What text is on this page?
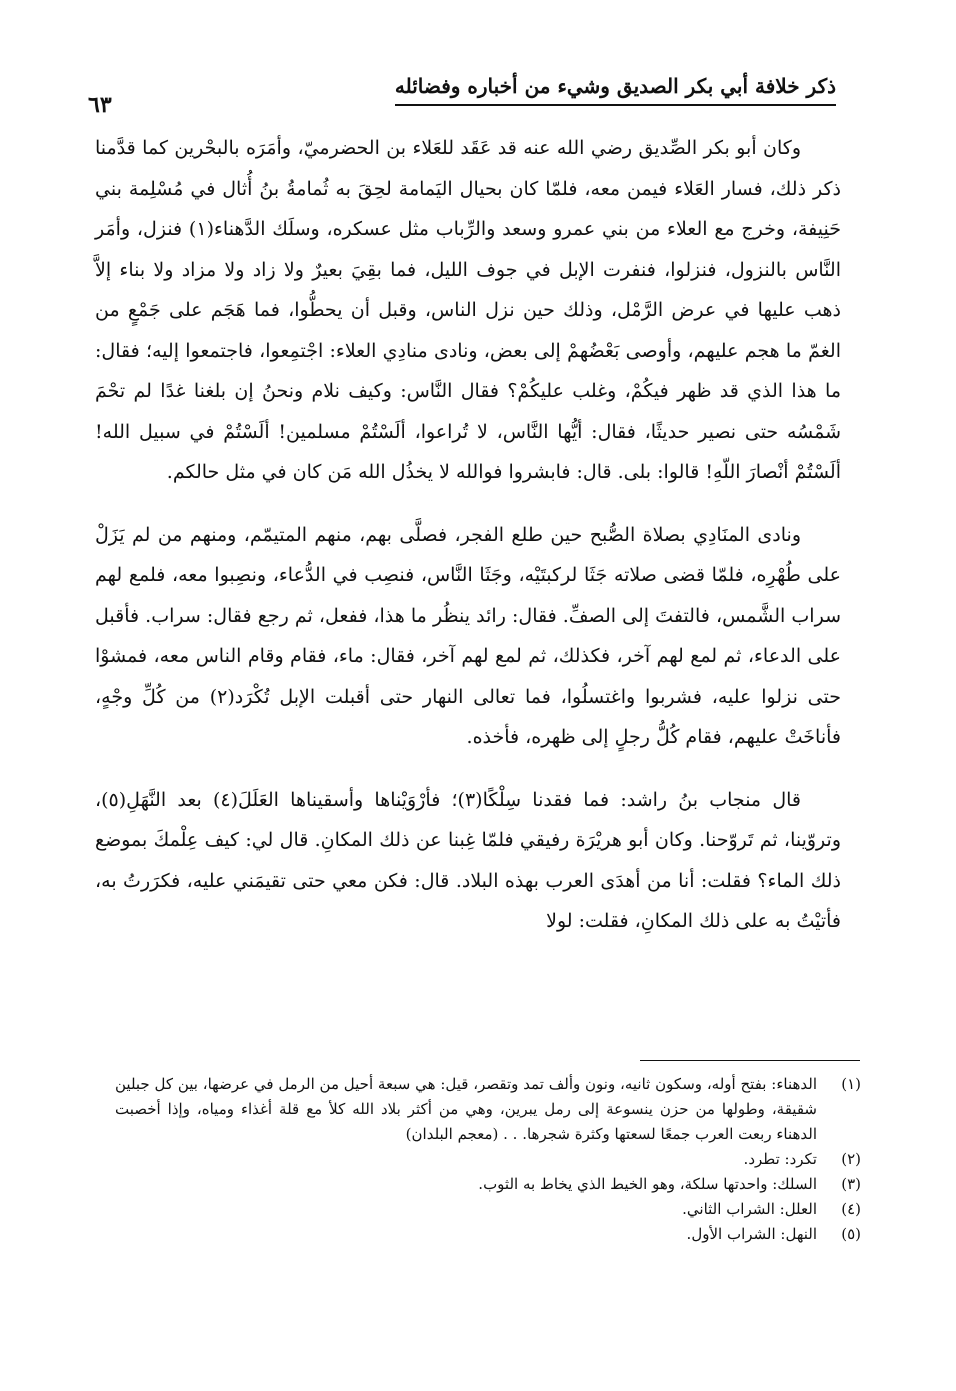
ذكر خلافة أبي بكر الصديق وشيء من أخباره وفضائله
٦٣

وكان أبو بكر الصِّديق رضي الله عنه قد عَقَد للعَلاء بن الحضرميّ، وأمَرَه بالبحْرين كما قدَّمنا ذكر ذلك، فسار العَلاء فيمن معه، فلمّا كان بحيال اليَمامة لحِقَ به ثُمامةُ بنُ أُثال في مُسْلِمة بني حَنِيفة، وخرج مع العلاء من بني عمرو وسعد والرِّباب مثل عسكره، وسلَك الدَّهناء(١) فنزل، وأمَر النَّاس بالنزول، فنزلوا، فنفرت الإبل في جوف الليل، فما بقِيَ بعيرٌ ولا زاد ولا مزاد ولا بناء إلاَّ ذهب عليها في عرض الرَّمْل، وذلك حين نزل الناس، وقبل أن يحطُّوا، فما هَجَم على جَمْعٍ من الغمّ ما هجم عليهم، وأوصى بَعْضُهمْ إلى بعض، ونادى منادِي العلاء: اجْتمِعوا، فاجتمعوا إليه؛ فقال: ما هذا الذي قد ظهر فيكُمْ، وغلب عليكُمْ؟ فقال النَّاس: وكيف نلام ونحنُ إن بلغنا غدًا لم تحْمَ شَمْسُه حتى نصير حديثًا، فقال: أيُّها النَّاس، لا تُراعوا، ألَسْتُمْ مسلمين! ألَسْتُمْ في سبيل الله! ألَسْتُمْ أنْصارَ اللّهِ! قالوا: بلى. قال: فابشروا فوالله لا يخذُل الله مَن كان في مثل حالكم.

ونادى المنَادِي بصلاة الصُّبح حين طلع الفجر، فصلَّى بهم، منهم المتيمّم، ومنهم من لم يَزَلْ على طُهْرِه، فلمّا قضى صلاته جَثَا لركبتَيْه، وجَثَا النَّاس، فنصِب في الدُّعاء، ونصِبوا معه، فلمع لهم سراب الشَّمس، فالتفتَ إلى الصفِّ. فقال: رائد ينظُر ما هذا، ففعل، ثم رجع فقال: سراب. فأقبل على الدعاء، ثم لمع لهم آخر، فكذلك، ثم لمع لهم آخر، فقال: ماء، فقام وقام الناس معه، فمشوْا حتى نزلوا عليه، فشربوا واغتسلُوا، فما تعالى النهار حتى أقبلت الإبل تُكْرَد(٢) من كُلِّ وجْهٍ، فأناخَتْ عليهم، فقام كُلُّ رجلٍ إلى ظهره، فأخذه.

قال منجاب بنُ راشد: فما فقدنا سِلْكًا(٣)؛ فأرْوَيْناها وأسقيناها العَلَلَ(٤) بعد النَّهَلِ(٥)، وتروّينا، ثم تَروّحنا. وكان أبو هريْرَة رفيقي فلمّا غِبنا عن ذلك المكانِ. قال لي: كيف عِلْمكَ بموضع ذلك الماء؟ فقلت: أنا من أهدَى العرب بهذه البلاد. قال: فكن معي حتى تقيمَني عليه، فكرَرتُ به، فأتيْتُ به على ذلك المكانِ، فقلت: لولا

(١)
الدهناء: بفتح أوله، وسكون ثانيه، ونون وألف تمد وتقصر، قيل: هي سبعة أحيل من الرمل في عرضها، بين كل جبلين شقيقة، وطولها من حزن ينسوعة إلى رمل يبرين، وهي من أكثر بلاد الله كلأ مع قلة أغذاء ومياه، وإذا أخصبت الدهناء ربعت العرب جمعًا لسعتها وكثرة شجرها. . . (معجم البلدان)
(٢)
تكرد: تطرد.
(٣)
السلك: واحدتها سلكة، وهو الخيط الذي يخاط به الثوب.
(٤)
العلل: الشراب الثاني.
(٥)
النهل: الشراب الأول.
